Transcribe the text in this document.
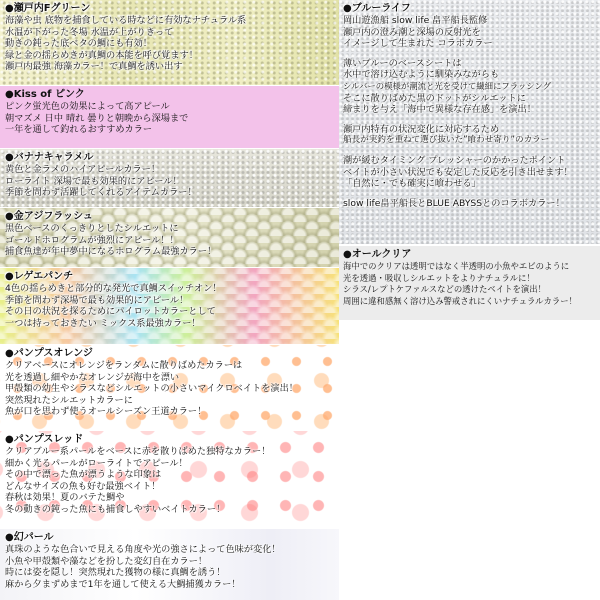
●瀬戸内Fグリーン
海藻や虫 底物を捕食している時などに有効なナチュラル系
水温が下がった冬場 水温が上がりきって
動きの鈍った底ベタの鯛にも有効！
緑と金の揺らめきが真鯛の本能を呼び覚ます！
瀬戸内最強 海藻カラー！で真鯛を誘い出す
●Kiss of ピンク
ピンク蛍光色の効果によって高アピール
朝マズメ 日中 晴れ 曇りと朝晩から深場まで
一年を通して釣れるおすすめカラー
●バナナキャラメル
黄色と金ラメのハイアピールカラー！
ローライト 深場で最も効果的にアピール！
季節を問わず活躍してくれるアイテムカラー！
●金アジフラッシュ
黒色ベースのくっきりとしたシルエットに
ゴールドホログラムが強烈にアピール！！
捕食魚達が年中夢中になるホログラム最強カラー！
●レゲエパンチ
4色の揺らめきと部分的な発光で真鯛スイッチオン！
季節を問わず深場で最も効果的にアピール！
その日の状況を探るためにパイロットカラーとして
一つは持っておきたい ミックス系最強カラー！
●パンプスオレンジ
クリアベースにオレンジをランダムに散りばめたカラーは
光を透過し細やかなオレンジが海中を漂い
甲殻類の幼生やシラスなどシルエットの小さいマイクロベイトを演出！
突然現れたシルエットカラーに
魚が口を思わず使うオールシーズン王道カラー！
●パンプスレッド
クリアブルー系パールをベースに赤を散りばめた独特なカラー！
細かく光るパールがローライトでアピール！
その中で漂った魚が漂うような印象は
どんなサイズの魚も好む最強ベイト！
春秋は効果！夏のバテた鯛や
冬の動きの鈍った魚にも捕食しやすいベイトカラー！
●幻パール
真珠のような色合いで見える角度や光の強さによって色味が変化！
小魚や甲殻類や藻などを扮した変幻自在カラー！
時には姿を隠し！突然現れた獲物の様に真鯛を誘う！
麻から夕まずめまで1年を通して使える大鯛捕獲カラー！
●ブルーライフ
岡山遊漁船 slow life 畠平船長監修
瀬戸内の澄み潮と深場の反射光を
イメージして生まれた コラボカラー
薄いブルーのベースシートは
水中で溶け込むように馴染みながらも
シルバーの模様が潮流と光を受けて繊細にフラッシング
そこに散りばめた黒のドットがシルエットに
締まりを与え「海中で異様な存在感」を演出！
瀬戸内特有の状況変化に対応するため
船長が実釣を重ねて選び抜いた”喰わせ寄り”のカラー
潮が緩むタイミング プレッシャーのかかったポイント
ベイトが小さい状況でも安定した反応を引き出せます！
「自然に・でも確実に喰わせる」
slow life畠平船長とBLUE ABYSSとのコラボカラー！
●オールクリア
海中でのクリアは透明ではなく半透明の小魚やエビのように
光を透過・吸収しシルエットをよりナチュラルに！
シラス/レプトケファルスなどの透けたベイトを演出！
周囲に違和感無く溶け込み警戒されにくいナチュラルカラー！
